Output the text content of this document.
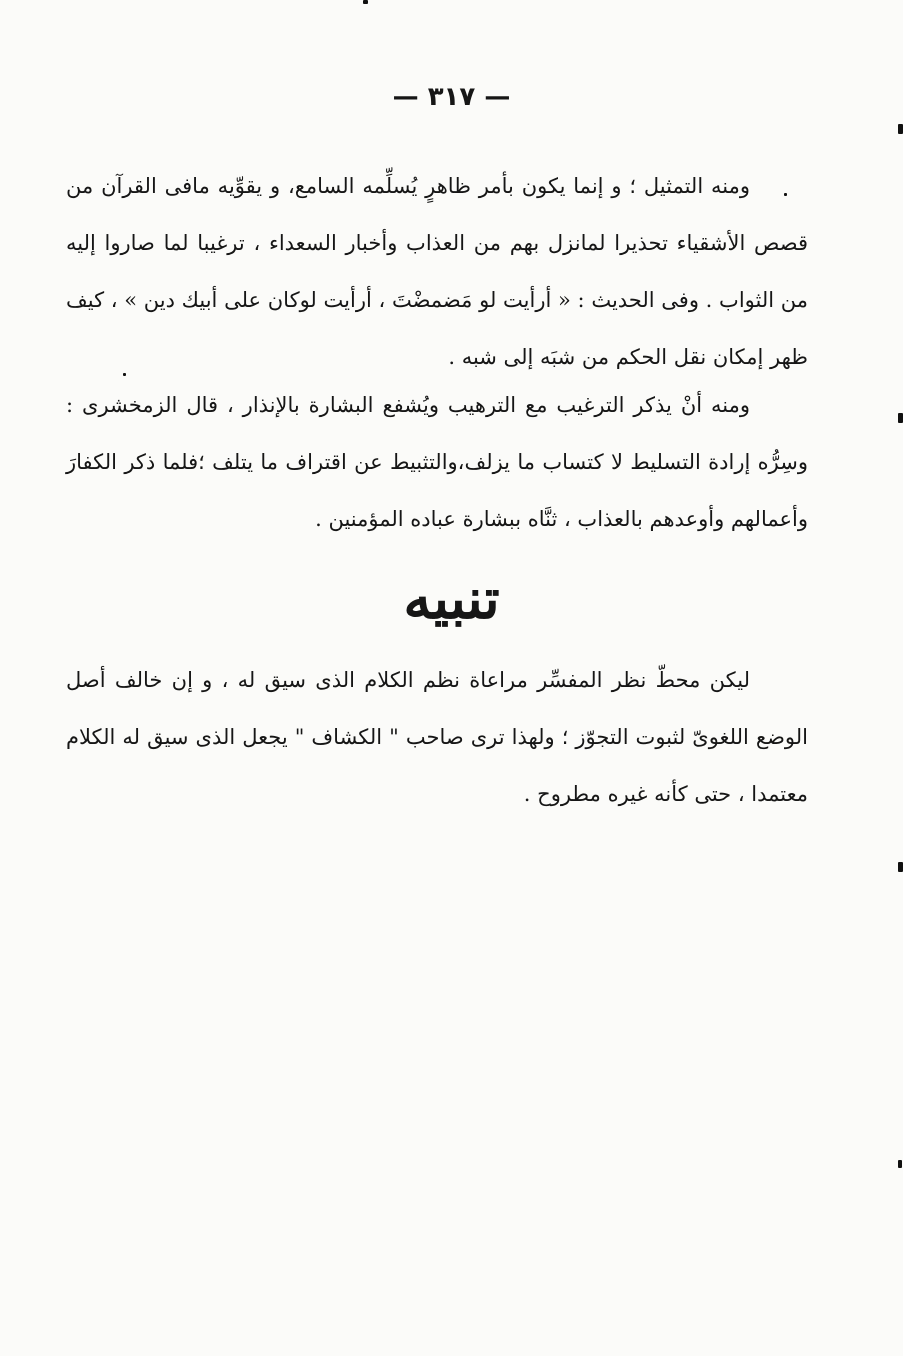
— ٣١٧ —

ومنه التمثيل ؛ و إنما يكون بأمر ظاهرٍ يُسلِّمه السامع، و يقوِّيه مافى القرآن من قصص الأشقياء تحذيرا لمانزل بهم من العذاب وأخبار السعداء ، ترغيبا لما صاروا إليه من الثواب . وفى الحديث : « أرأيت لو مَضمضْتَ ، أرأيت لوكان على أبيك دين » ، كيف ظهر إمكان نقل الحكم من شبَه إلى شبه .

ومنه أنْ يذكر الترغيب مع الترهيب ويُشفع البشارة بالإنذار ، قال الزمخشرى : وسِرُّه إرادة التسليط لا كتساب ما يزلف،والتثبيط عن اقتراف ما يتلف ؛فلما ذكر الكفارَ وأعمالهم وأوعدهم بالعذاب ، ثنَّاه ببشارة عباده المؤمنين .

تنبيه

ليكن محطّ نظر المفسِّر مراعاة نظم الكلام الذى سيق له ، و إن خالف أصل الوضع اللغوىّ لثبوت التجوّز ؛ ولهذا ترى صاحب " الكشاف " يجعل الذى سيق له الكلام معتمدا ، حتى كأنه غيره مطروح .
